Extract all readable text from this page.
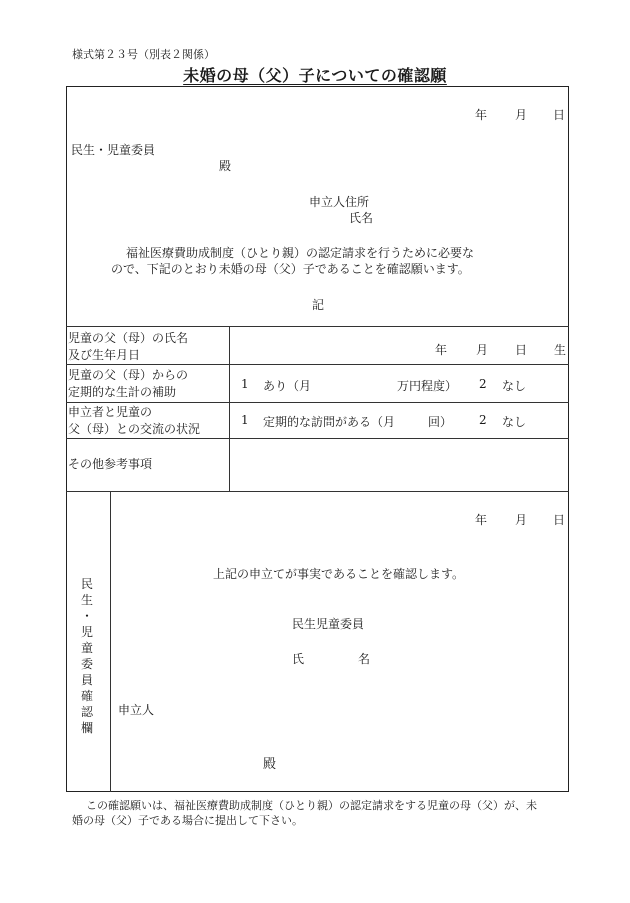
様式第２３号（別表２関係）
未婚の母（父）子についての確認願
年 月 日
民生・児童委員
殿
申立人住所
氏名
福祉医療費助成制度（ひとり親）の認定請求を行うために必要な
ので、下記のとおり未婚の母（父）子であることを確認願います。
記
児童の父（母）の氏名
及び生年月日	年 月 日 生
児童の父（母）からの
定期的な生計の補助
1 あり（月	万円程度） 2 なし
申立者と児童の
父（母）との交流の状況
1 定期的な訪問がある（月	回） 2 なし
その他参考事項
民
生
・
児
童
委
員
確
認
欄
年 月 日
上記の申立てが事実であることを確認します。
民生児童委員
氏	名
申立人
殿
この確認願いは、福祉医療費助成制度（ひとり親）の認定請求をする児童の母（父）が、未
婚の母（父）子である場合に提出して下さい。
